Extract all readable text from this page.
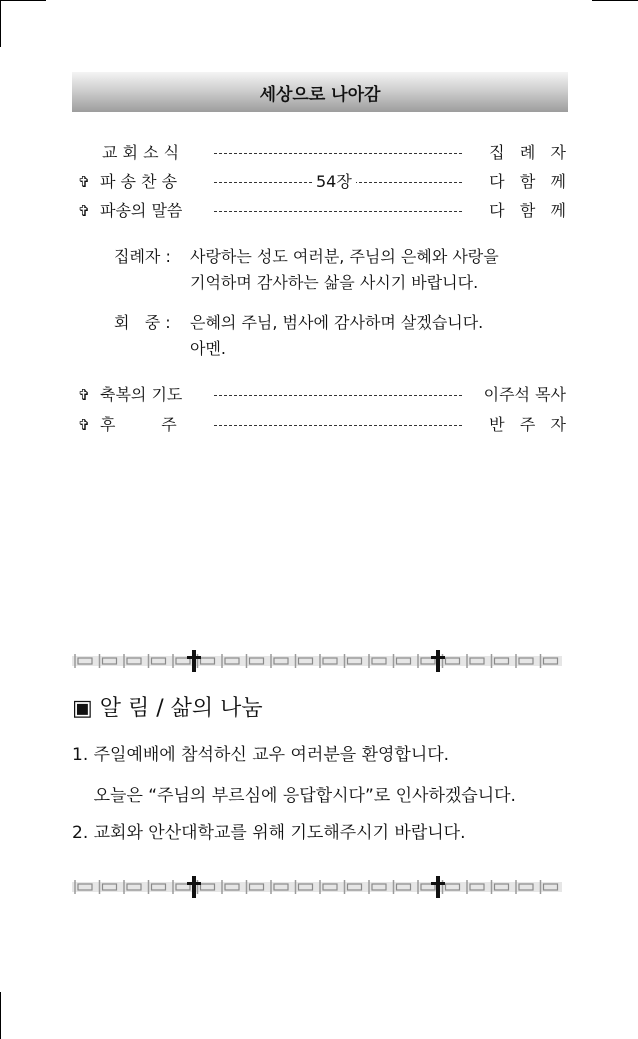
세상으로 나아감
교 회 소 식	집   례   자
✞ 파 송 찬 송	54장	다   함   께
✞ 파송의 말씀	다   함   께
집례자 :	사랑하는 성도 여러분, 주님의 은혜와 사랑을
기억하며 감사하는 삶을 사시기 바랍니다.
회   중 :	은혜의 주님, 범사에 감사하며 살겠습니다.
아멘.
✞ 축복의 기도	이주석 목사
✞ 후         주	반   주   자
▣ 알 림 / 삶의 나눔
1. 주일예배에 참석하신 교우 여러분을 환영합니다.
오늘은 “주님의 부르심에 응답합시다”로 인사하겠습니다.
2. 교회와 안산대학교를 위해 기도해주시기 바랍니다.
